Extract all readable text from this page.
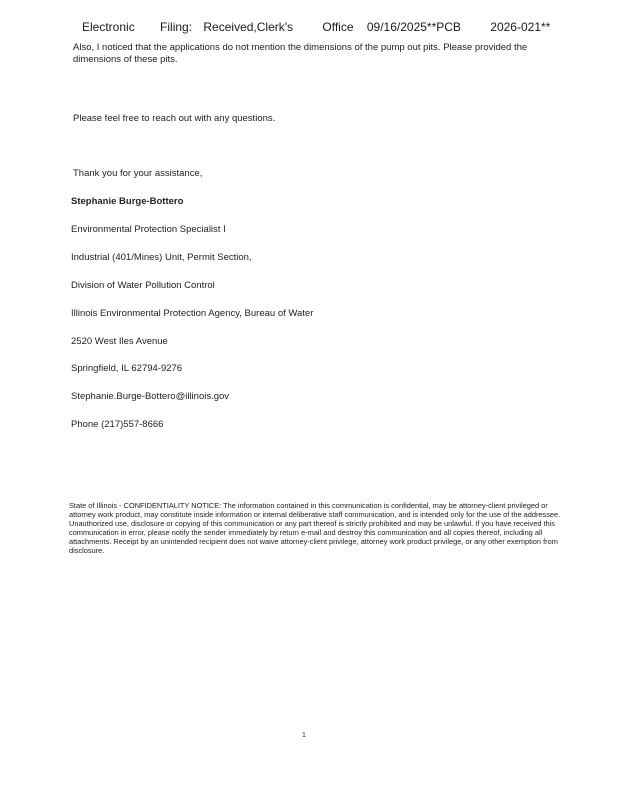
Electronic Filing: Received,Clerk's Office 09/16/2025**PCB 2026-021**
Also, I noticed that the applications do not mention the dimensions of the pump out pits. Please provided the dimensions of these pits.
Please feel free to reach out with any questions.
Thank you for your assistance,
Stephanie Burge-Bottero
Environmental Protection Specialist I
Industrial (401/Mines) Unit, Permit Section,
Division of Water Pollution Control
Illinois Environmental Protection Agency, Bureau of Water
2520 West Iles Avenue
Springfield, IL 62794-9276
Stephanie.Burge-Bottero@illinois.gov
Phone (217)557-8666
State of Illinois - CONFIDENTIALITY NOTICE: The information contained in this communication is confidential, may be attorney-client privileged or attorney work product, may constitute inside information or internal deliberative staff communication, and is intended only for the use of the addressee. Unauthorized use, disclosure or copying of this communication or any part thereof is strictly prohibited and may be unlawful. If you have received this communication in error, please notify the sender immediately by return e-mail and destroy this communication and all copies thereof, including all attachments. Receipt by an unintended recipient does not waive attorney-client privilege, attorney work product privilege, or any other exemption from disclosure.
1
